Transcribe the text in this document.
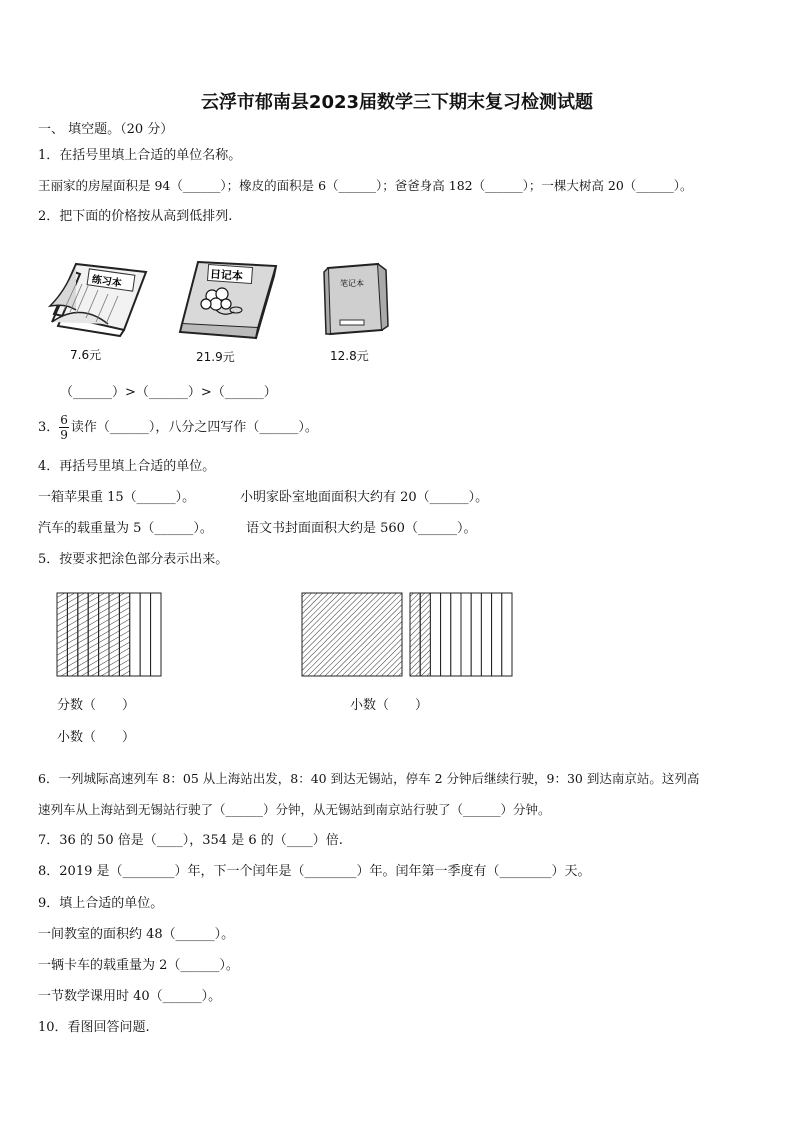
云浮市郁南县2023届数学三下期末复习检测试题
一、 填空题。（20 分）
1．在括号里填上合适的单位名称。
王丽家的房屋面积是 94（______）；橡皮的面积是 6（______）；爸爸身高 182（______）；一棵大树高 20（______）。
2．把下面的价格按从高到低排列.
练习本
7.6元
日记本
21.9元
笔记本
12.8元
（______）>（______）>（______）
3． $\frac{6}{9}$ 读作（______），八分之四写作（______）。
4．再括号里填上合适的单位。
一箱苹果重 15（______）。	小明家卧室地面面积大约有 20（______）。
汽车的载重量为 5（______）。	语文书封面面积大约是 560（______）。
5．按要求把涂色部分表示出来。
分数（　　）	小数（　　）
小数（　　）
6．一列城际高速列车 8：05 从上海站出发，8：40 到达无锡站，停车 2 分钟后继续行驶，9：30 到达南京站。这列高
速列车从上海站到无锡站行驶了（______）分钟，从无锡站到南京站行驶了（______）分钟。
7．36 的 50 倍是（____），354 是 6 的（____）倍.
8．2019 是（________）年，下一个闰年是（________）年。闰年第一季度有（________）天。
9．填上合适的单位。
一间教室的面积约 48（______）。
一辆卡车的载重量为 2（______）。
一节数学课用时 40（______）。
10．看图回答问题.
